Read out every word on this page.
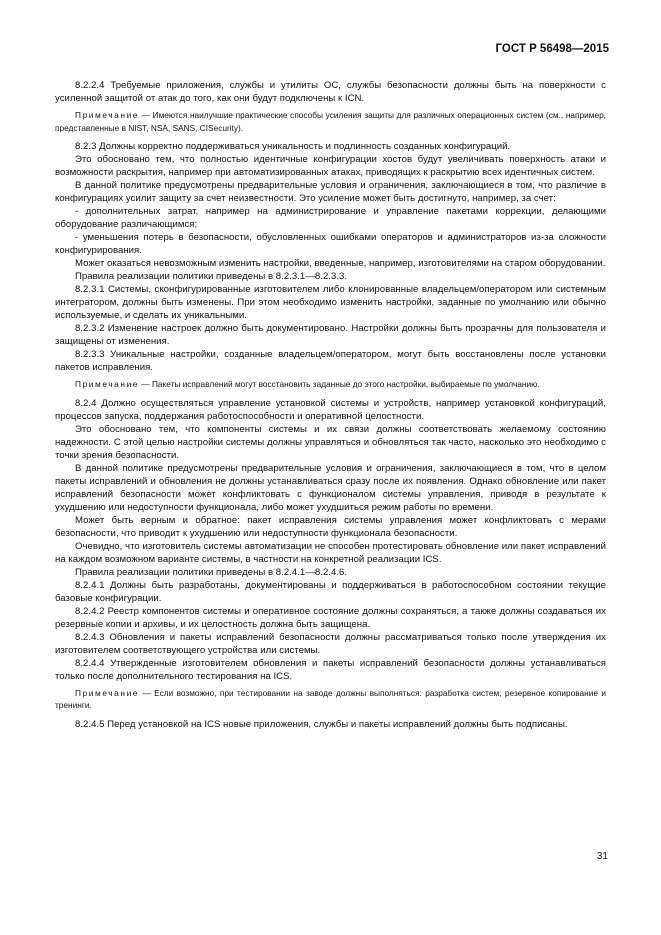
ГОСТ Р 56498—2015

8.2.2.4 Требуемые приложения, службы и утилиты ОС, службы безопасности должны быть на поверхности с усиленной защитой от атак до того, как они будут подключены к ICN.

Примечание — Имеются наилучшие практические способы усиления защиты для различных операционных систем (см., например, представленные в NIST, NSA, SANS, CISecurity).

8.2.3 Должны корректно поддерживаться уникальность и подлинность созданных конфигураций.

Это обосновано тем, что полностью идентичные конфигурации хостов будут увеличивать поверхность атаки и возможности раскрытия, например при автоматизированных атаках, приводящих к раскрытию всех идентичных систем.

В данной политике предусмотрены предварительные условия и ограничения, заключающиеся в том, что различие в конфигурациях усилит защиту за счет неизвестности. Это усиление может быть достигнуто, например, за счет:

- дополнительных затрат, например на администрирование и управление пакетами коррекции, делающими оборудование различающимся;

- уменьшения потерь в безопасности, обусловленных ошибками операторов и администраторов из-за сложности конфигурирования.

Может оказаться невозможным изменить настройки, введенные, например, изготовителями на старом оборудовании.

Правила реализации политики приведены в 8.2.3.1—8.2.3.3.

8.2.3.1 Системы, сконфигурированные изготовителем либо клонированные владельцем/оператором или системным интегратором, должны быть изменены. При этом необходимо изменить настройки, заданные по умолчанию или обычно используемые, и сделать их уникальными.

8.2.3.2 Изменение настроек должно быть документировано. Настройки должны быть прозрачны для пользователя и защищены от изменения.

8.2.3.3 Уникальные настройки, созданные владельцем/оператором, могут быть восстановлены после установки пакетов исправления.

Примечание — Пакеты исправлений могут восстановить заданные до этого настройки, выбираемые по умолчанию.

8.2.4 Должно осуществляться управление установкой системы и устройств, например установкой конфигураций, процессов запуска, поддержания работоспособности и оперативной целостности.

Это обосновано тем, что компоненты системы и их связи должны соответствовать желаемому состоянию надежности. С этой целью настройки системы должны управляться и обновляться так часто, насколько это необходимо с точки зрения безопасности.

В данной политике предусмотрены предварительные условия и ограничения, заключающиеся в том, что в целом пакеты исправлений и обновления не должны устанавливаться сразу после их появления. Однако обновление или пакет исправлений безопасности может конфликтовать с функционалом системы управления, приводя в результате к ухудшению или недоступности функционала, либо может ухудшиться режим работы по времени.

Может быть верным и обратное: пакет исправления системы управления может конфликтовать с мерами безопасности, что приводит к ухудшению или недоступности функционала безопасности.

Очевидно, что изготовитель системы автоматизации не способен протестировать обновление или пакет исправлений на каждом возможном варианте системы, в частности на конкретной реализации ICS.

Правила реализации политики приведены в 8.2.4.1—8.2.4.6.

8.2.4.1 Должны быть разработаны, документированы и поддерживаться в работоспособном состоянии текущие базовые конфигурации.

8.2.4.2 Реестр компонентов системы и оперативное состояние должны сохраняться, а также должны создаваться их резервные копии и архивы, и их целостность должна быть защищена.

8.2.4.3 Обновления и пакеты исправлений безопасности должны рассматриваться только после утверждения их изготовителем соответствующего устройства или системы.

8.2.4.4 Утвержденные изготовителем обновления и пакеты исправлений безопасности должны устанавливаться только после дополнительного тестирования на ICS.

Примечание — Если возможно, при тестировании на заводе должны выполняться: разработка систем, резервное копирование и тренинги.

8.2.4.5 Перед установкой на ICS новые приложения, службы и пакеты исправлений должны быть подписаны.

31
